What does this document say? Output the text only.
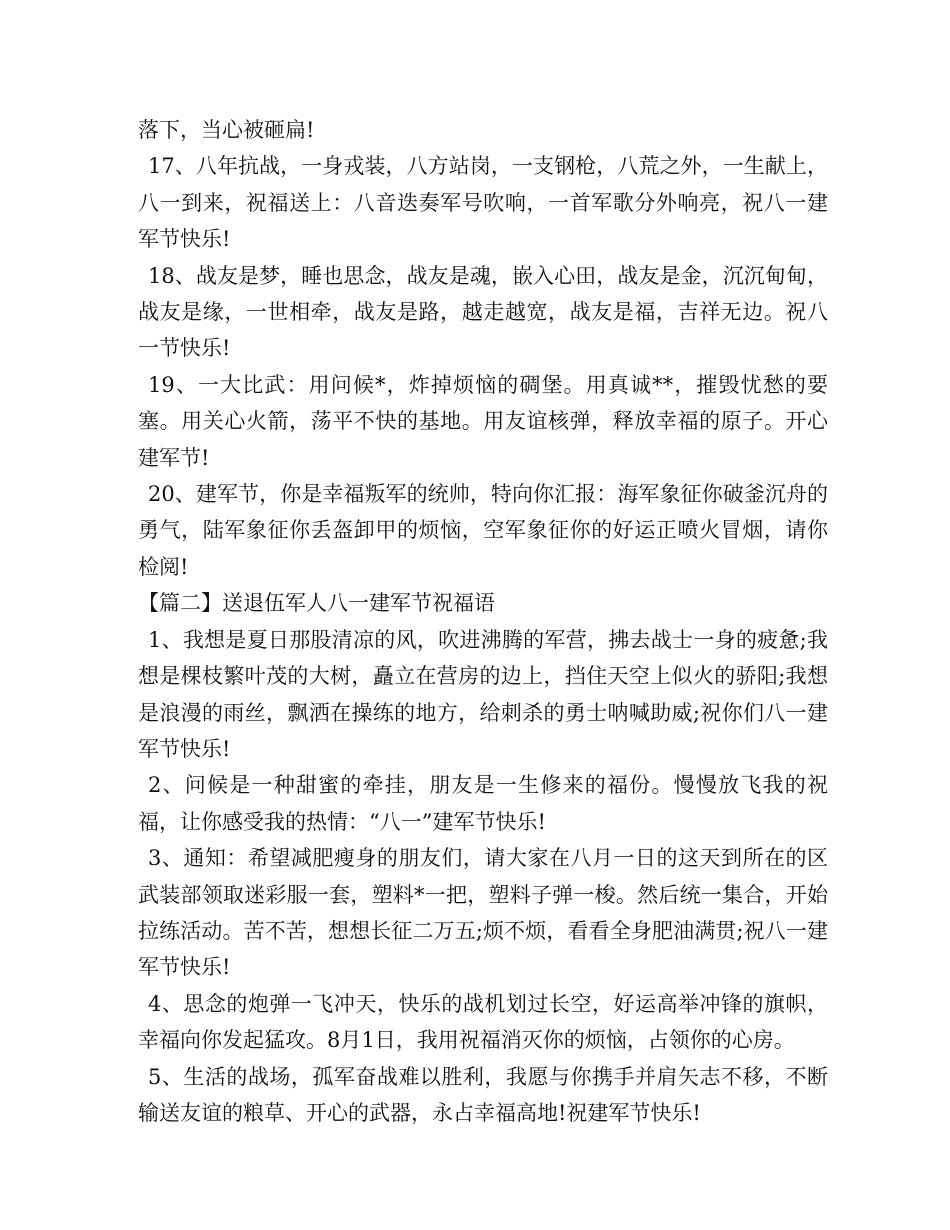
落下，当心被砸扁!

17、八年抗战，一身戎装，八方站岗，一支钢枪，八荒之外，一生献上，八一到来，祝福送上：八音迭奏军号吹响，一首军歌分外响亮，祝八一建军节快乐!

18、战友是梦，睡也思念，战友是魂，嵌入心田，战友是金，沉沉甸甸，战友是缘，一世相牵，战友是路，越走越宽，战友是福，吉祥无边。祝八一节快乐!

19、一大比武：用问候*，炸掉烦恼的碉堡。用真诚**，摧毁忧愁的要塞。用关心火箭，荡平不快的基地。用友谊核弹，释放幸福的原子。开心建军节!

20、建军节，你是幸福叛军的统帅，特向你汇报：海军象征你破釜沉舟的勇气，陆军象征你丢盔卸甲的烦恼，空军象征你的好运正喷火冒烟，请你检阅!

【篇二】送退伍军人八一建军节祝福语

1、我想是夏日那股清凉的风，吹进沸腾的军营，拂去战士一身的疲惫;我想是棵枝繁叶茂的大树，矗立在营房的边上，挡住天空上似火的骄阳;我想是浪漫的雨丝，飘洒在操练的地方，给刺杀的勇士呐喊助威;祝你们八一建军节快乐!

2、问候是一种甜蜜的牵挂，朋友是一生修来的福份。慢慢放飞我的祝福，让你感受我的热情：“八一”建军节快乐!

3、通知：希望减肥瘦身的朋友们，请大家在八月一日的这天到所在的区武装部领取迷彩服一套，塑料*一把，塑料子弹一梭。然后统一集合，开始拉练活动。苦不苦，想想长征二万五;烦不烦，看看全身肥油满贯;祝八一建军节快乐!

4、思念的炮弹一飞冲天，快乐的战机划过长空，好运高举冲锋的旗帜，幸福向你发起猛攻。8月1日，我用祝福消灭你的烦恼，占领你的心房。

5、生活的战场，孤军奋战难以胜利，我愿与你携手并肩矢志不移，不断输送友谊的粮草、开心的武器，永占幸福高地!祝建军节快乐!
